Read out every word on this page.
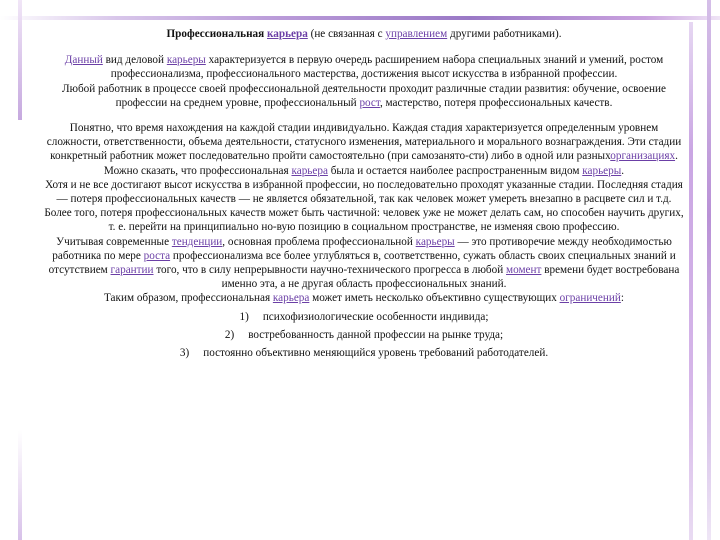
Профессиональная карьера (не связанная с управлением другими работниками).

Данный вид деловой карьеры характеризуется в первую очередь расширением набора специальных знаний и умений, ростом профессионализма, профессионального мастерства, достижения высот искусства в избранной профессии.

Любой работник в процессе своей профессиональной деятельности проходит различные стадии развития: обучение, освоение профессии на среднем уровне, профессиональный рост, мастерство, потеря профессиональных качеств.

Понятно, что время нахождения на каждой стадии индивидуально. Каждая стадия характеризуется определенным уровнем сложности, ответственности, объема деятельности, статусного изменения, материального и морального вознаграждения. Эти стадии конкретный работник может последовательно пройти самостоятельно (при самозанято-сти) либо в одной или разныхорганизациях.

Можно сказать, что профессиональная карьера была и остается наиболее распространенным видом карьеры.

Хотя и не все достигают высот искусства в избранной профессии, но последовательно проходят указанные стадии. Последняя стадия — потеря профессиональных качеств — не является обязательной, так как человек может умереть внезапно в расцвете сил и т.д.

Более того, потеря профессиональных качеств может быть частичной: человек уже не может делать сам, но способен научить других, т. е. перейти на принципиально но-вую позицию в социальном пространстве, не изменяя свою профессию.

Учитывая современные тенденции, основная проблема профессиональной карьеры — это противоречие между необходимостью работника по мере роста профессионализма все более углубляться в, соответственно, сужать область своих специальных знаний и отсутствием гарантии того, что в силу непрерывности научно-технического прогресса в любой момент времени будет востребована именно эта, а не другая область профессиональных знаний.

Таким образом, профессиональная карьера может иметь несколько объективно существующих ограничений:

1) психофизиологические особенности индивида;
2) востребованность данной профессии на рынке труда;
3) постоянно объективно меняющийся уровень требований работодателей.
